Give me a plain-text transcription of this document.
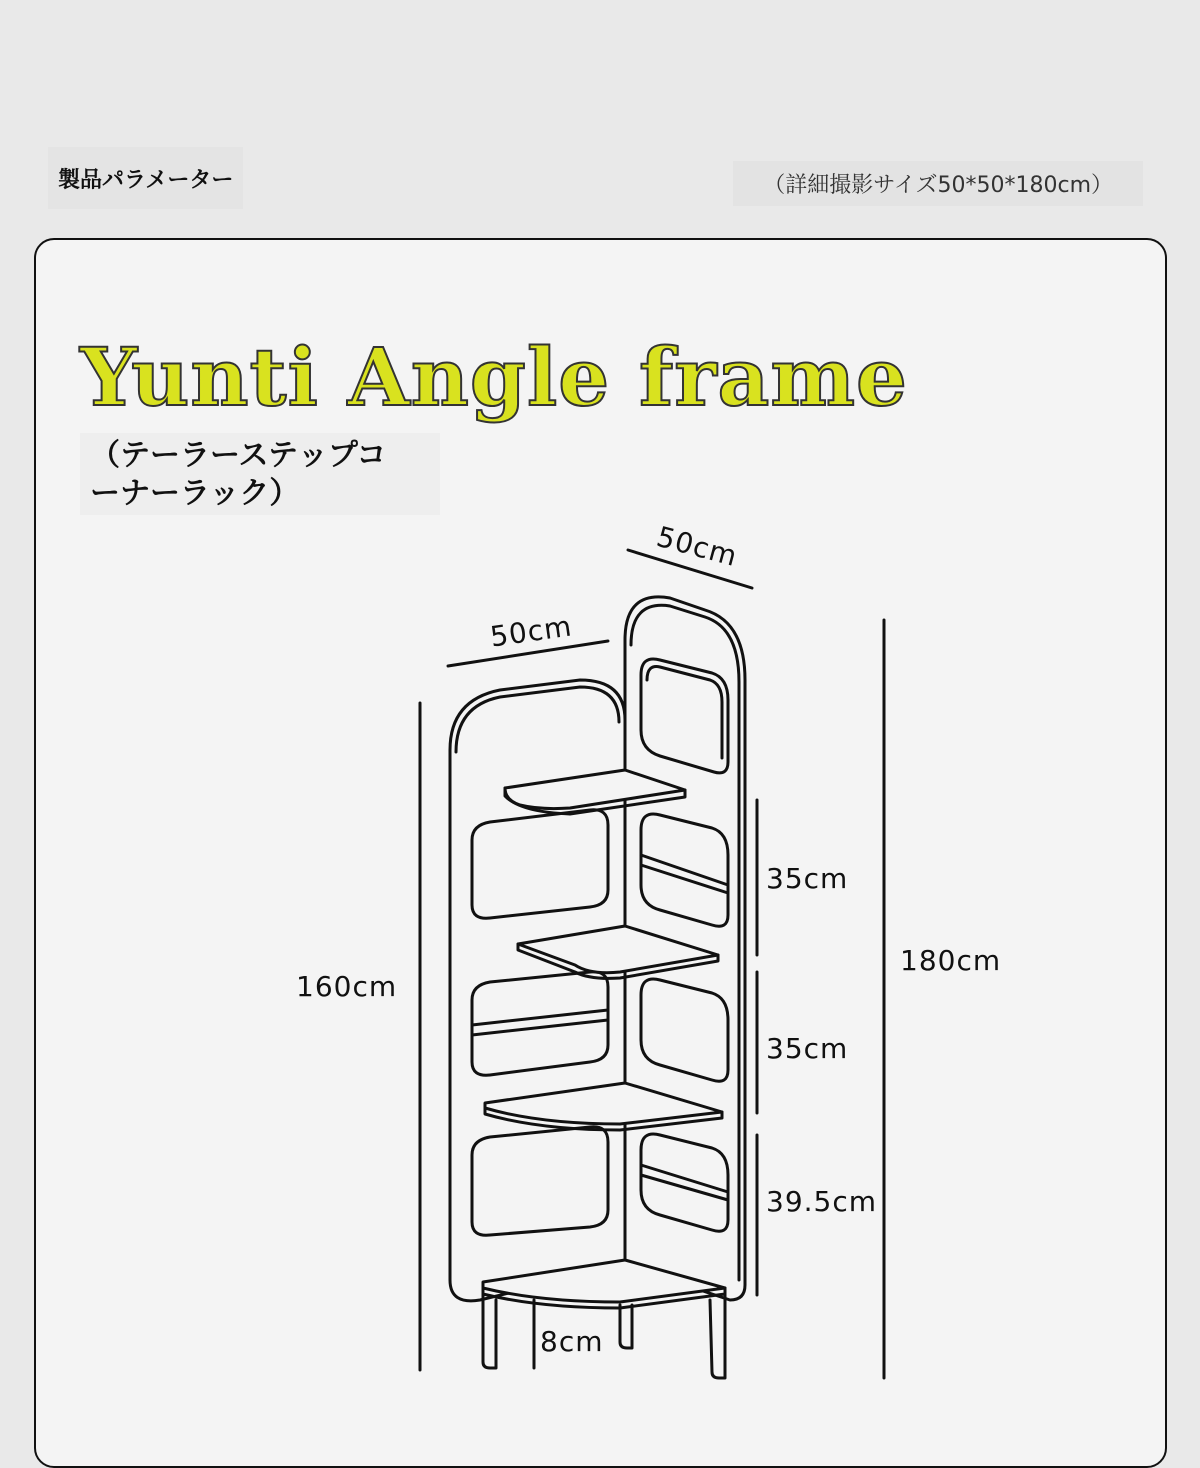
製品パラメーター	（詳細撮影サイズ50*50*180cm）
Yunti Angle frame
（テーラーステップコ
ーナーラック）
50cm
50cm
160cm
180cm
35cm
35cm
39.5cm
8cm
